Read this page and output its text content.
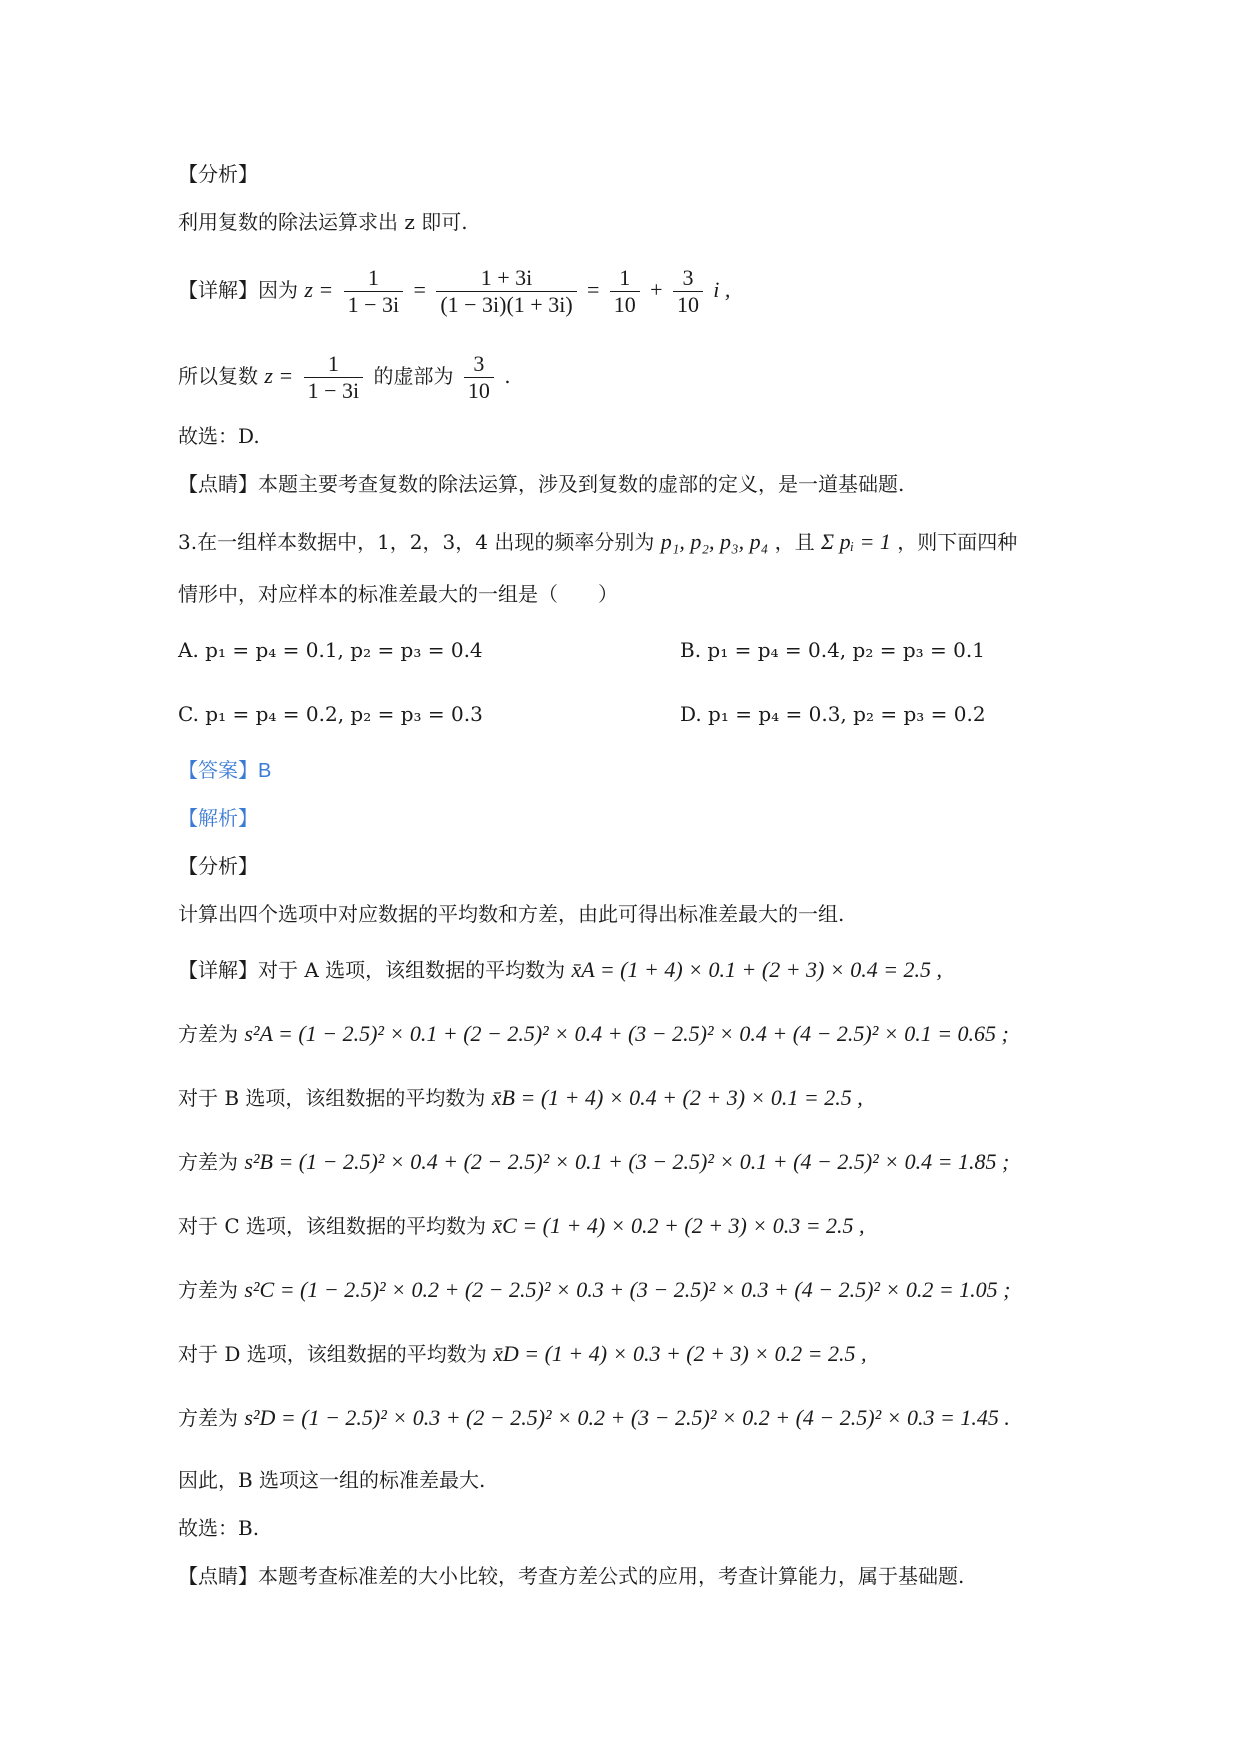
【分析】
利用复数的除法运算求出 z 即可.
【详解】因为 $z = \frac{1}{1 - 3i} = \frac{1 + 3i}{(1 - 3i)(1 + 3i)} = \frac{1}{10} + \frac{3}{10}$ i ,
所以复数 $z = \frac{1}{1 - 3i}$ 的虚部为 $\frac{3}{10}$ .
故选：D.
【点睛】本题主要考查复数的除法运算，涉及到复数的虚部的定义，是一道基础题.
3.在一组样本数据中，1，2，3，4 出现的频率分别为 p₁, p₂, p₃, p₄ ，且 Σ pᵢ = 1 ，则下面四种
情形中，对应样本的标准差最大的一组是（　　）
A. p₁ = p₄ = 0.1, p₂ = p₃ = 0.4	B. p₁ = p₄ = 0.4, p₂ = p₃ = 0.1
C. p₁ = p₄ = 0.2, p₂ = p₃ = 0.3	D. p₁ = p₄ = 0.3, p₂ = p₃ = 0.2
【答案】B
【解析】
【分析】
计算出四个选项中对应数据的平均数和方差，由此可得出标准差最大的一组.
【详解】对于 A 选项，该组数据的平均数为 x̄A = (1 + 4) × 0.1 + (2 + 3) × 0.4 = 2.5 ,
方差为 s²A = (1 − 2.5)² × 0.1 + (2 − 2.5)² × 0.4 + (3 − 2.5)² × 0.4 + (4 − 2.5)² × 0.1 = 0.65 ;
对于 B 选项，该组数据的平均数为 x̄B = (1 + 4) × 0.4 + (2 + 3) × 0.1 = 2.5 ,
方差为 s²B = (1 − 2.5)² × 0.4 + (2 − 2.5)² × 0.1 + (3 − 2.5)² × 0.1 + (4 − 2.5)² × 0.4 = 1.85 ;
对于 C 选项，该组数据的平均数为 x̄C = (1 + 4) × 0.2 + (2 + 3) × 0.3 = 2.5 ,
方差为 s²C = (1 − 2.5)² × 0.2 + (2 − 2.5)² × 0.3 + (3 − 2.5)² × 0.3 + (4 − 2.5)² × 0.2 = 1.05 ;
对于 D 选项，该组数据的平均数为 x̄D = (1 + 4) × 0.3 + (2 + 3) × 0.2 = 2.5 ,
方差为 s²D = (1 − 2.5)² × 0.3 + (2 − 2.5)² × 0.2 + (3 − 2.5)² × 0.2 + (4 − 2.5)² × 0.3 = 1.45 .
因此，B 选项这一组的标准差最大.
故选：B.
【点睛】本题考查标准差的大小比较，考查方差公式的应用，考查计算能力，属于基础题.
